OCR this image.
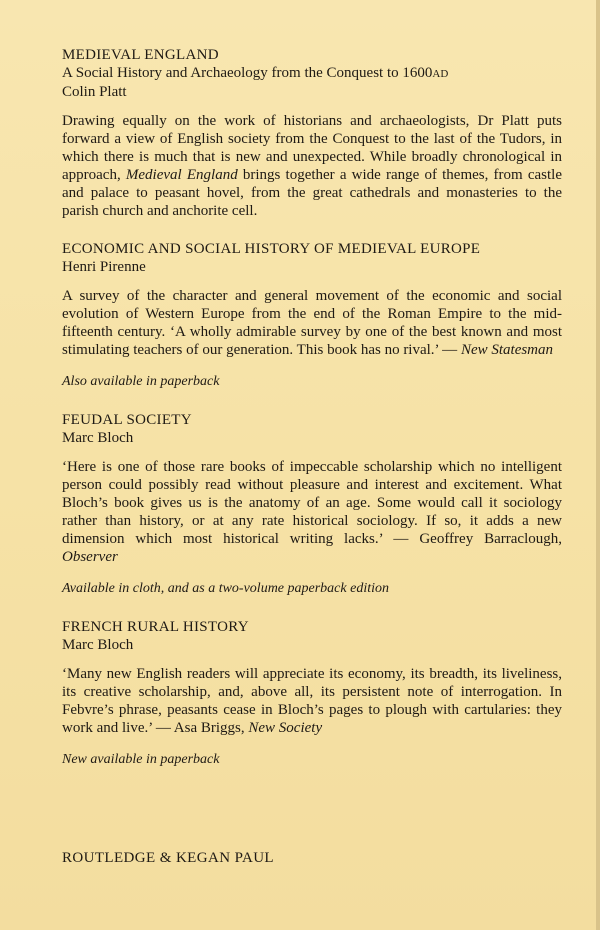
MEDIEVAL ENGLAND
A Social History and Archaeology from the Conquest to 1600AD
Colin Platt
Drawing equally on the work of historians and archaeologists, Dr Platt puts forward a view of English society from the Conquest to the last of the Tudors, in which there is much that is new and unexpected. While broadly chronological in approach, Medieval England brings together a wide range of themes, from castle and palace to peasant hovel, from the great cathedrals and monasteries to the parish church and anchorite cell.
ECONOMIC AND SOCIAL HISTORY OF MEDIEVAL EUROPE
Henri Pirenne
A survey of the character and general movement of the economic and social evolution of Western Europe from the end of the Roman Empire to the mid-fifteenth century. ‘A wholly admirable survey by one of the best known and most stimulating teachers of our generation. This book has no rival.’ — New Statesman
Also available in paperback
FEUDAL SOCIETY
Marc Bloch
‘Here is one of those rare books of impeccable scholarship which no intelligent person could possibly read without pleasure and interest and excitement. What Bloch’s book gives us is the anatomy of an age. Some would call it sociology rather than history, or at any rate historical sociology. If so, it adds a new dimension which most historical writing lacks.’ — Geoffrey Barraclough, Observer
Available in cloth, and as a two-volume paperback edition
FRENCH RURAL HISTORY
Marc Bloch
‘Many new English readers will appreciate its economy, its breadth, its liveliness, its creative scholarship, and, above all, its persistent note of interrogation. In Febvre’s phrase, peasants cease in Bloch’s pages to plough with cartularies: they work and live.’ — Asa Briggs, New Society
New available in paperback
ROUTLEDGE & KEGAN PAUL
